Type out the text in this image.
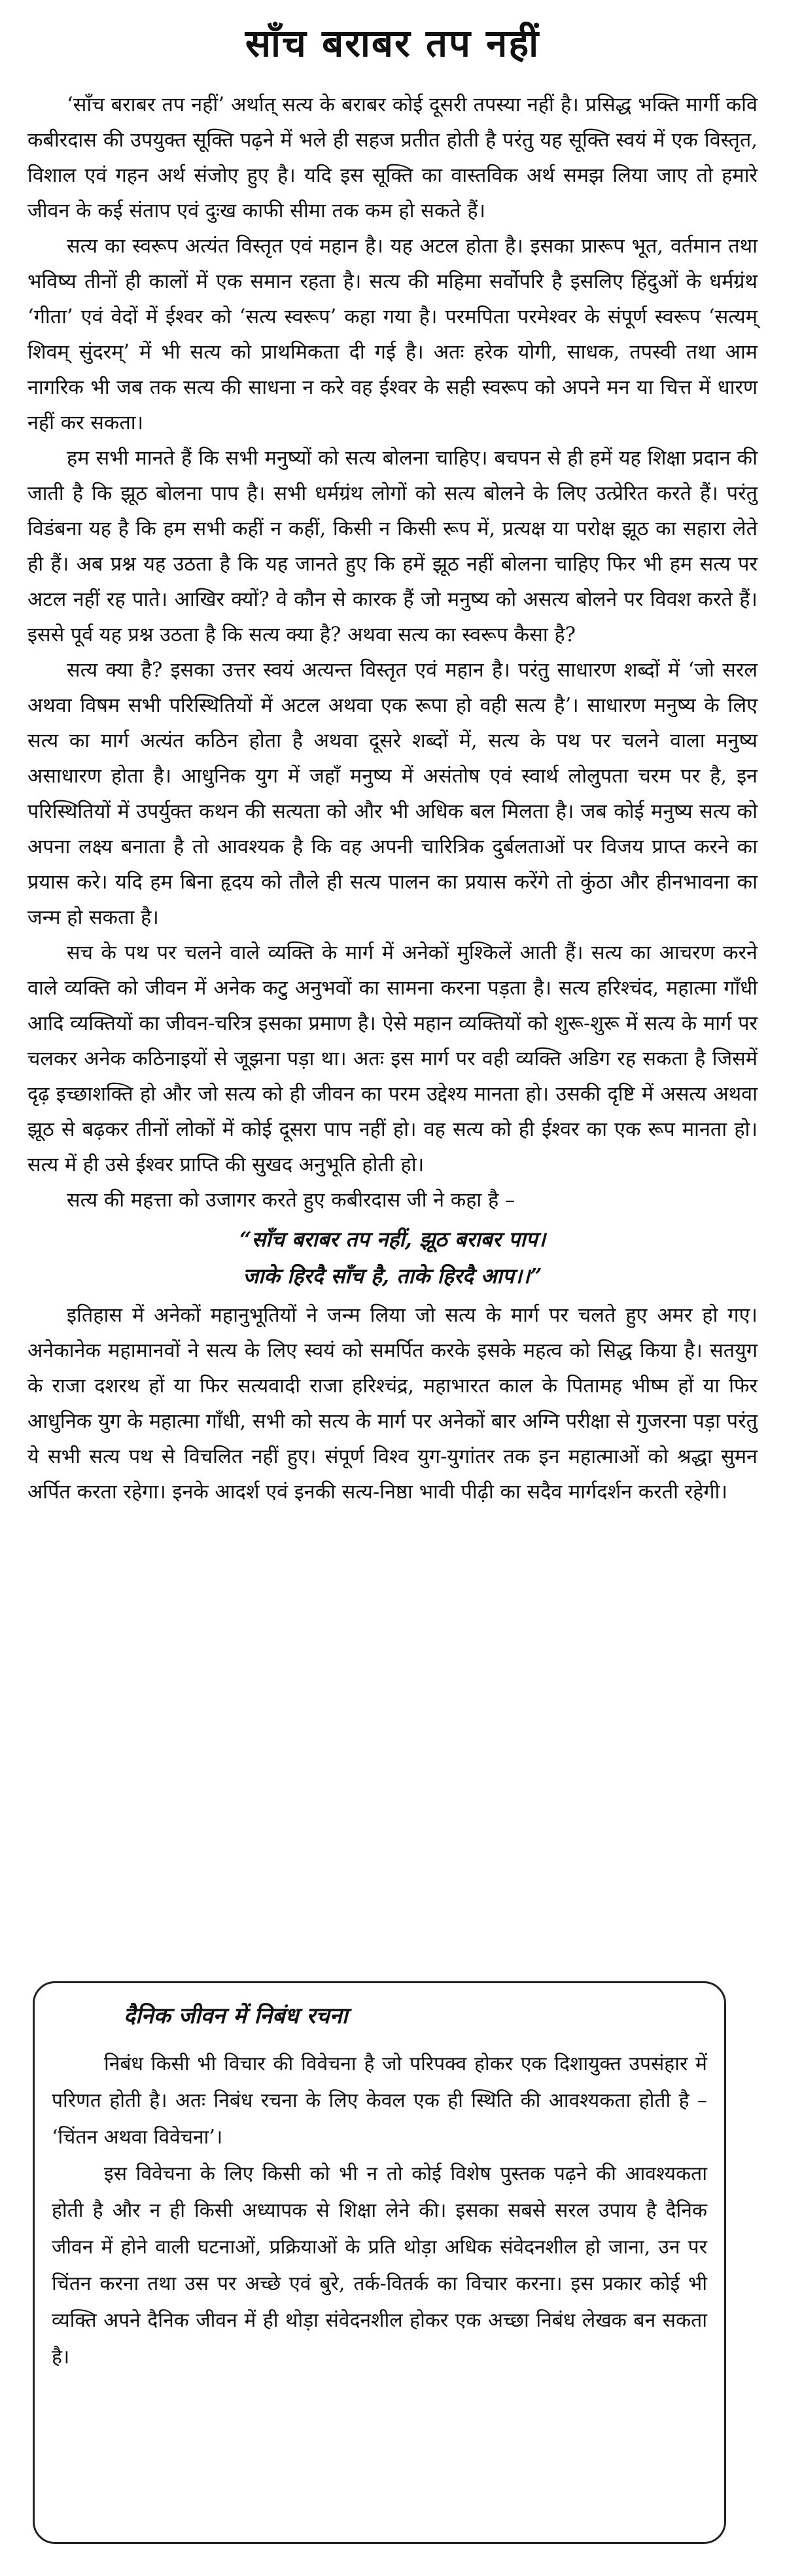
साँच बराबर तप नहीं

‘साँच बराबर तप नहीं’ अर्थात् सत्य के बराबर कोई दूसरी तपस्या नहीं है। प्रसिद्ध भक्ति मार्गी कवि कबीरदास की उपयुक्त सूक्ति पढ़ने में भले ही सहज प्रतीत होती है परंतु यह सूक्ति स्वयं में एक विस्तृत, विशाल एवं गहन अर्थ संजोए हुए है। यदि इस सूक्ति का वास्तविक अर्थ समझ लिया जाए तो हमारे जीवन के कई संताप एवं दुःख काफी सीमा तक कम हो सकते हैं।

सत्य का स्वरूप अत्यंत विस्तृत एवं महान है। यह अटल होता है। इसका प्रारूप भूत, वर्तमान तथा भविष्य तीनों ही कालों में एक समान रहता है। सत्य की महिमा सर्वोपरि है इसलिए हिंदुओं के धर्मग्रंथ ‘गीता’ एवं वेदों में ईश्वर को ‘सत्य स्वरूप’ कहा गया है। परमपिता परमेश्वर के संपूर्ण स्वरूप ‘सत्यम् शिवम् सुंदरम्’ में भी सत्य को प्राथमिकता दी गई है। अतः हरेक योगी, साधक, तपस्वी तथा आम नागरिक भी जब तक सत्य की साधना न करे वह ईश्वर के सही स्वरूप को अपने मन या चित्त में धारण नहीं कर सकता।

हम सभी मानते हैं कि सभी मनुष्यों को सत्य बोलना चाहिए। बचपन से ही हमें यह शिक्षा प्रदान की जाती है कि झूठ बोलना पाप है। सभी धर्मग्रंथ लोगों को सत्य बोलने के लिए उत्प्रेरित करते हैं। परंतु विडंबना यह है कि हम सभी कहीं न कहीं, किसी न किसी रूप में, प्रत्यक्ष या परोक्ष झूठ का सहारा लेते ही हैं। अब प्रश्न यह उठता है कि यह जानते हुए कि हमें झूठ नहीं बोलना चाहिए फिर भी हम सत्य पर अटल नहीं रह पाते। आखिर क्यों? वे कौन से कारक हैं जो मनुष्य को असत्य बोलने पर विवश करते हैं। इससे पूर्व यह प्रश्न उठता है कि सत्य क्या है? अथवा सत्य का स्वरूप कैसा है?

सत्य क्या है? इसका उत्तर स्वयं अत्यन्त विस्तृत एवं महान है। परंतु साधारण शब्दों में ‘जो सरल अथवा विषम सभी परिस्थितियों में अटल अथवा एक रूपा हो वही सत्य है’। साधारण मनुष्य के लिए सत्य का मार्ग अत्यंत कठिन होता है अथवा दूसरे शब्दों में, सत्य के पथ पर चलने वाला मनुष्य असाधारण होता है। आधुनिक युग में जहाँ मनुष्य में असंतोष एवं स्वार्थ लोलुपता चरम पर है, इन परिस्थितियों में उपर्युक्त कथन की सत्यता को और भी अधिक बल मिलता है। जब कोई मनुष्य सत्य को अपना लक्ष्य बनाता है तो आवश्यक है कि वह अपनी चारित्रिक दुर्बलताओं पर विजय प्राप्त करने का प्रयास करे। यदि हम बिना हृदय को तौले ही सत्य पालन का प्रयास करेंगे तो कुंठा और हीनभावना का जन्म हो सकता है।

सच के पथ पर चलने वाले व्यक्ति के मार्ग में अनेकों मुश्किलें आती हैं। सत्य का आचरण करने वाले व्यक्ति को जीवन में अनेक कटु अनुभवों का सामना करना पड़ता है। सत्य हरिश्चंद, महात्मा गाँधी आदि व्यक्तियों का जीवन-चरित्र इसका प्रमाण है। ऐसे महान व्यक्तियों को शुरू-शुरू में सत्य के मार्ग पर चलकर अनेक कठिनाइयों से जूझना पड़ा था। अतः इस मार्ग पर वही व्यक्ति अडिग रह सकता है जिसमें दृढ़ इच्छाशक्ति हो और जो सत्य को ही जीवन का परम उद्देश्य मानता हो। उसकी दृष्टि में असत्य अथवा झूठ से बढ़कर तीनों लोकों में कोई दूसरा पाप नहीं हो। वह सत्य को ही ईश्वर का एक रूप मानता हो। सत्य में ही उसे ईश्वर प्राप्ति की सुखद अनुभूति होती हो।

सत्य की महत्ता को उजागर करते हुए कबीरदास जी ने कहा है –

“साँच बराबर तप नहीं, झूठ बराबर पाप।
जाके हिरदै साँच है, ताके हिरदै आप।।”

इतिहास में अनेकों महानुभूतियों ने जन्म लिया जो सत्य के मार्ग पर चलते हुए अमर हो गए। अनेकानेक महामानवों ने सत्य के लिए स्वयं को समर्पित करके इसके महत्व को सिद्ध किया है। सतयुग के राजा दशरथ हों या फिर सत्यवादी राजा हरिश्चंद्र, महाभारत काल के पितामह भीष्म हों या फिर आधुनिक युग के महात्मा गाँधी, सभी को सत्य के मार्ग पर अनेकों बार अग्नि परीक्षा से गुजरना पड़ा परंतु ये सभी सत्य पथ से विचलित नहीं हुए। संपूर्ण विश्व युग-युगांतर तक इन महात्माओं को श्रद्धा सुमन अर्पित करता रहेगा। इनके आदर्श एवं इनकी सत्य-निष्ठा भावी पीढ़ी का सदैव मार्गदर्शन करती रहेगी।

दैनिक जीवन में निबंध रचना

निबंध किसी भी विचार की विवेचना है जो परिपक्व होकर एक दिशायुक्त उपसंहार में परिणत होती है। अतः निबंध रचना के लिए केवल एक ही स्थिति की आवश्यकता होती है – ‘चिंतन अथवा विवेचना’।

इस विवेचना के लिए किसी को भी न तो कोई विशेष पुस्तक पढ़ने की आवश्यकता होती है और न ही किसी अध्यापक से शिक्षा लेने की। इसका सबसे सरल उपाय है दैनिक जीवन में होने वाली घटनाओं, प्रक्रियाओं के प्रति थोड़ा अधिक संवेदनशील हो जाना, उन पर चिंतन करना तथा उस पर अच्छे एवं बुरे, तर्क-वितर्क का विचार करना। इस प्रकार कोई भी व्यक्ति अपने दैनिक जीवन में ही थोड़ा संवेदनशील होकर एक अच्छा निबंध लेखक बन सकता है।
